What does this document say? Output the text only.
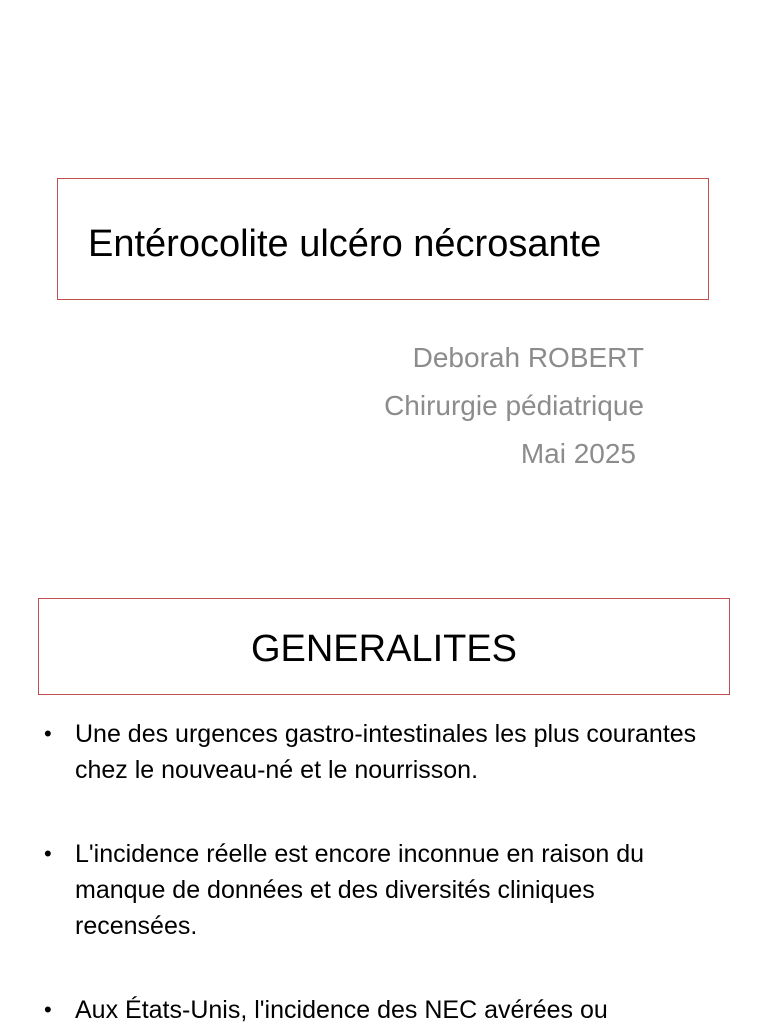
Entérocolite ulcéro nécrosante
Deborah ROBERT
Chirurgie pédiatrique
Mai 2025
GENERALITES
• Une des urgences gastro-intestinales les plus courantes chez le nouveau-né et le nourrisson.
• L'incidence réelle est encore inconnue en raison du manque de données et des diversités cliniques recensées.
• Aux États-Unis, l'incidence des NEC avérées ou
